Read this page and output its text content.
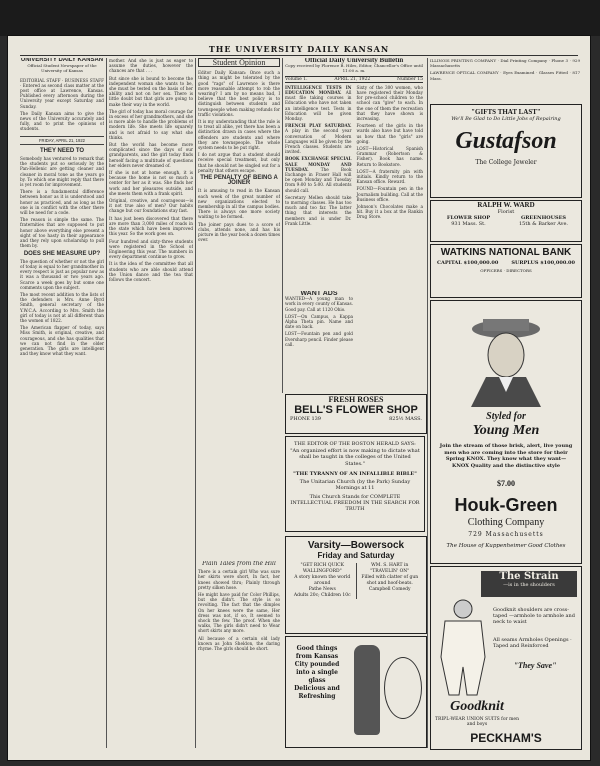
THE UNIVERSITY DAILY KANSAN
UNIVERSITY DAILY KANSAN
Official Student Newspaper of the University of Kansas

EDITORIAL STAFF · BUSINESS STAFF · Entered as second class matter at the post office at Lawrence, Kansas. Published every afternoon during the University year except Saturday and Sunday.

The Daily Kansan aims to give the news of the University accurately and fully, and to print the opinions of students.

FRIDAY, APRIL 21, 1922
THEY NEED TO

Somebody has ventured to remark that the students put so seriously by the Pan-Hellenic are getting cleaner and cleaner in moral tone as the years go by. To which one might reply that there is yet room for improvement.

There is a fundamental difference between honor as it is understood and honor as practiced, and as long as the one is in conflict with the other there will be need for a code.

The reason is simple the same. The fraternities that are supposed to put honor above everything else present a sight of too hasty in their appearance and they rely upon scholarship to pull them by.

DOES SHE MEASURE UP?

The question of whether or not the girl of today is equal to her grandmother in every respect is just as popular now as it was a thousand or two years ago. Scarce a week goes by but some one comments upon the subject.

The most recent addition to the lists of the defenders is Mrs. Anne Byrd Smith, general secretary of the Y.W.C.A. According to Mrs. Smith the girl of today is not at all different than the women of 1822.

The American flapper of today, says Miss Smith, is original, creative, and courageous, and she has qualities that we can not find in the older generation. The girls are intelligent and they know what they want.

mother. And she is just as eager to assume the duties, however the chances are that . . .

But since she is bound to become the independent woman she wants to be, she must be tested on the basis of her ability and not on her sex. There is little doubt but that girls are going to make their way in the world.

The girl of today has moral courage far in excess of her grandmothers, and she is more able to handle the problems of modern life. She meets life squarely and is not afraid to say what she thinks.

But the world has become more complicated since the days of our grandparents, and the girl today finds herself facing a multitude of questions her elders never dreamed of.

If she is not at home enough, it is because the home is not so much a center for her as it was. She finds her work and her pleasures outside, and she meets them with a frank spirit.

Original, creative, and courageous—is it not true also of men? Our habits change but our foundations stay fast.

It has just been discovered that there are more than 3,000 miles of roads in the state which have been improved this year. So the work goes on.

Four hundred and sixty-three students were registered in the School of Engineering this year. The numbers in every department continue to grow.

It is the idea of the committee that all students who are able should attend the Union dance and the tea that follows the concert.

Student Opinion

Editor Daily Kansan: Once such a thing as might be tolerated by the good "rags" of Lawrence is there more reasonable attempt to rob the wearing? I am by no means bad, I believe that the best policy is to distinguish between students and townspeople when making refunds for traffic violations.

It is my understanding that the rule is to treat all alike, yet there has been a distinction drawn in cases where the offenders are students and where they are townspeople. The whole system needs to be put right.

I do not argue that a student should receive special treatment, but only that he should not be singled out for a penalty that others escape.

THE PENALTY OF BEING A JOINER

It is amusing to read in the Kansan each week of the great number of new organizations elected to membership in all the campus bodies. There is always one more society waiting to be formed.

The joiner pays dues to a score of clubs, attends none, and has his picture in the year book a dozen times over.

Plain Tales from the Hill

There is a certain girl Who was sure her skirts were short, In fact, her knees showed thru; Plainly through pretty silken hose.

He might have paid for Color Phillips, but she didn't. The style is so revolting. The fact that the dimples On her knees were the same, Her dress was not, if so, It seemed to shock the few. The proof. When she walks, The girls didn't need to Wear short skirts any more.

All because of a certain old lady known as John Sheldon, the daring rhyme. The girls should be short.

Official Daily University Bulletin
Copy received by Florence B. Hiles, Editor, Chancellor's Office until 11:00 a. m.
Volume 1.	APRIL 21, 1922	Number 15

INTELLIGENCE TESTS IN EDUCATION MONDAY. All must file taking courses in Education who have not taken an intelligence test. Tests in Education will be given Monday.

FRENCH PLAY SATURDAY. A play in the second year conversation of Modern Languages will be given by the French classes. Students are invited.

BOOK EXCHANGE SPECIAL SALE MONDAY AND TUESDAY. The Book Exchange in Fraser Hall will be open Monday and Tuesday from 9:00 to 5:00. All students should call.

Secretary Mellen should take to morning classes. He has too much and too far. The latter thing that interests the members and is under Dr. Frank Little.

Sixty of the 300 women, who have registered their Monday for pre-school children to the school can "give" to each. In the one of them the recreation that they have shown is increasing.

Fourteen of the girls in the wards also have but have told us how that the "girls" are going.

LOST—Historical Spanish Grammar (Robertson & Fisher). Book has name. Return to Bookstore.

LOST—A fraternity pin with initials. Kindly return to the Kansan office. Reward.

FOUND—Fountain pen in the Journalism building. Call at the Business office.

Johnson's Chocolates make a hit. Buy it a box at the Rankin Drug Store.

WANT ADS

WANTED—A young man to work in every county of Kansas. Good pay. Call at 1120 Ohio.

LOST—On Campus, a Kappa Alpha Theta pin. Name and date on back.

LOST—Fountain pen and gold Eversharp pencil. Finder please call.

FRESH ROSES
BELL'S FLOWER SHOP
PHONE 139	825½ MASS.
THE EDITOR OF THE BOSTON HERALD SAYS: "An organized effort is now making to dictate what shall be taught in the colleges of the United States."
"THE TYRANNY OF AN INFALLIBLE BIBLE"
The Unitarian Church (by the Park) Sunday Mornings at 11
This Church Stands for COMPLETE INTELLECTUAL FREEDOM IN THE SEARCH FOR TRUTH
Varsity—Bowersock
Friday and Saturday
"GET RICH QUICK WALLINGFORD"
A story known the world around
Pathe News
Adults 20c; Children 10c
WM. S. HART in "TRAVELIN' ON"
Filled with clatter of gun shot and hoof-beats.
Campbell Comedy
Good things from Kansas City pounded into a single glass Delicious and Refreshing

ILLINOIS PRINTING COMPANY · Dial Printing Company · Phone 3 · 929 Massachusetts

LAWRENCE OPTICAL COMPANY · Eyes Examined · Glasses Fitted · 817 Mass.

"GIFTS THAT LAST"
We'll Be Glad to Do Little Jobs of Repairing
Gustafson
The College Jeweler
RALPH W. WARD
Florist
FLOWER SHOP
931 Mass. St.
GREENHOUSES
15th & Barker Ave.
WATKINS NATIONAL BANK
CAPITAL $100,000.00	SURPLUS $100,000.00
OFFICERS · DIRECTORS
Styled for
Young Men
Join the stream of those brisk, alert, live young men who are coming into the store for their Spring KNOX. They know what they want—KNOX Quality and the distinctive style
$7.00
Houk-Green
Clothing Company
729 Massachusetts
The House of Kuppenheimer Good Clothes
The Strain
—is in the shoulders
Goodknit shoulders are cross-taped —armhole to armhole and neck to waist
All seams Armholes Openings · Taped and Reinforced
"They Save"
Goodknit
TRIPL-WEAR UNION SUITS for men and boys
PECKHAM'S
